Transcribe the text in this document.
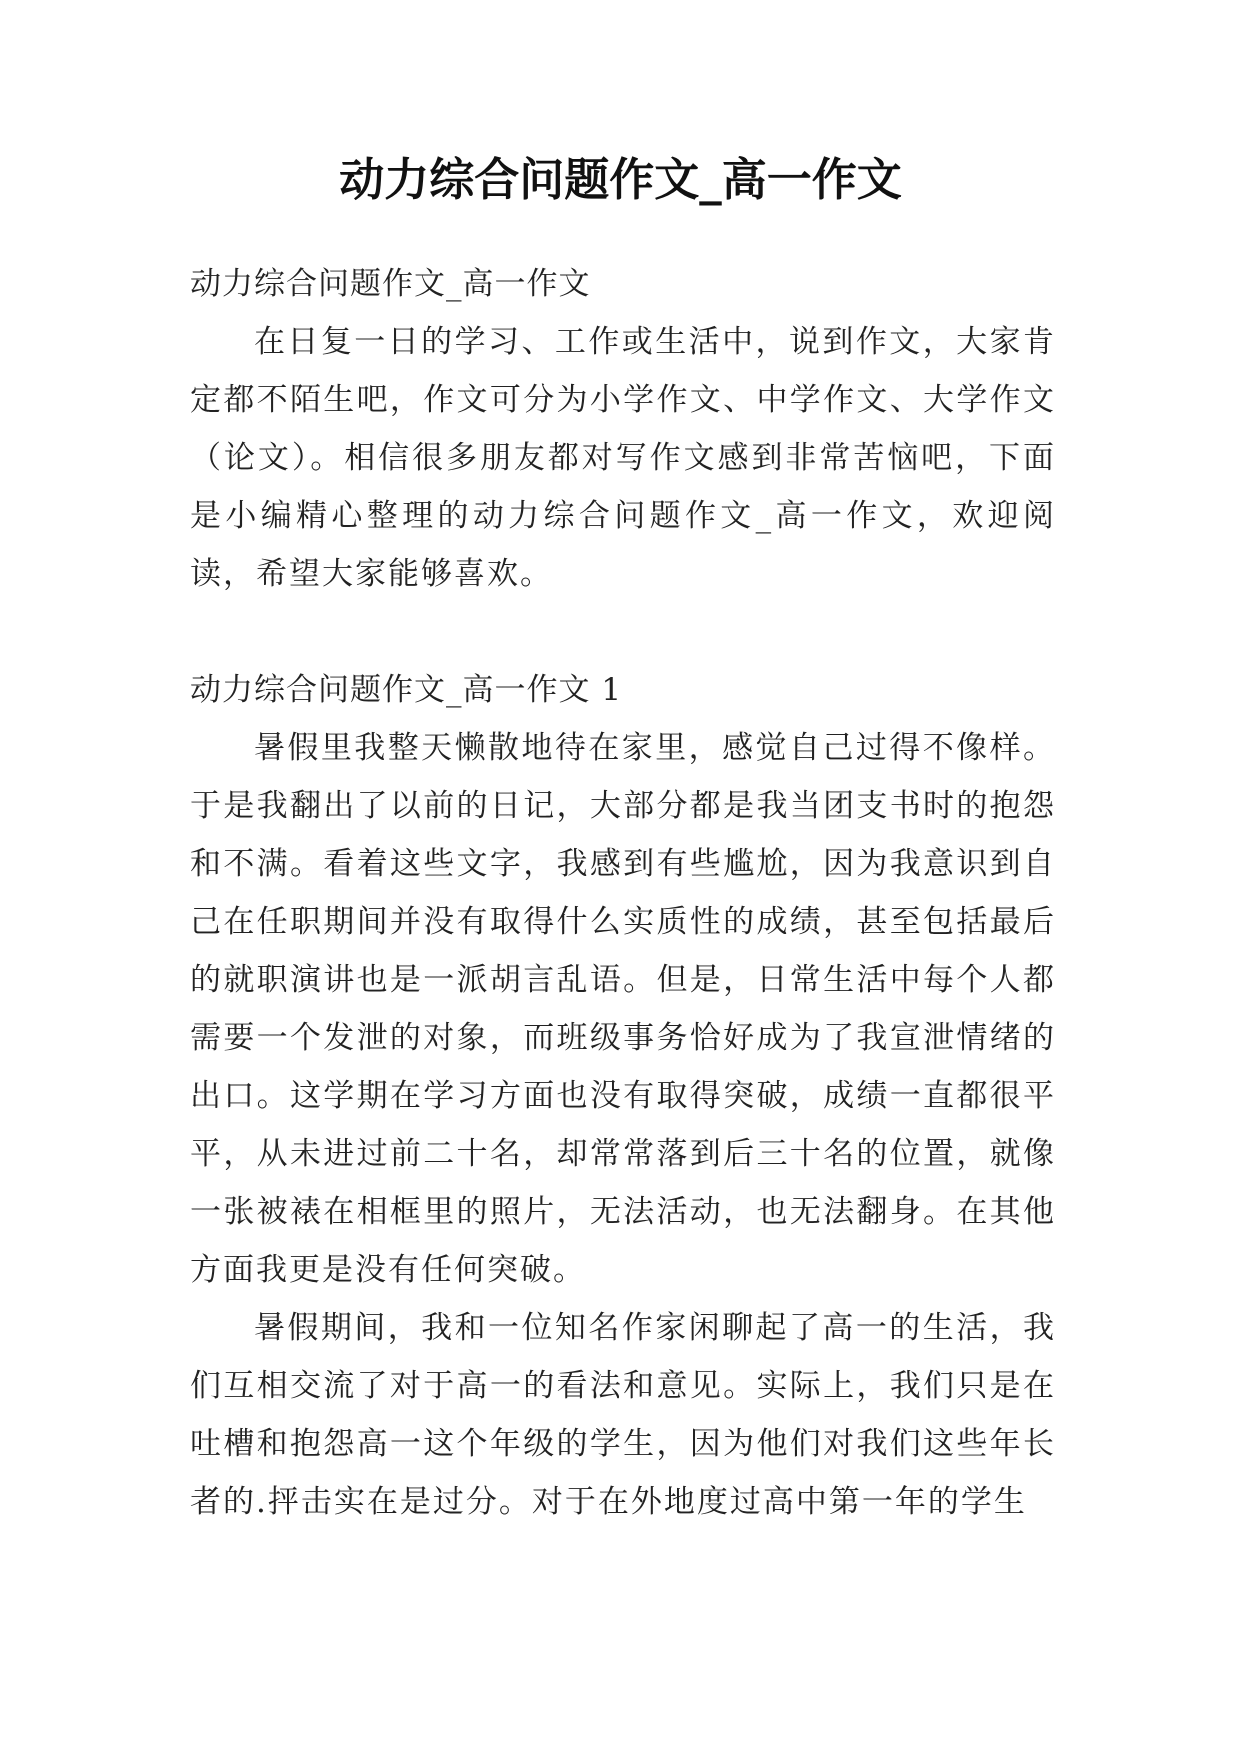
动力综合问题作文_高一作文

动力综合问题作文_高一作文

在日复一日的学习、工作或生活中，说到作文，大家肯定都不陌生吧，作文可分为小学作文、中学作文、大学作文（论文）。相信很多朋友都对写作文感到非常苦恼吧，下面是小编精心整理的动力综合问题作文_高一作文，欢迎阅读，希望大家能够喜欢。

动力综合问题作文_高一作文 1

暑假里我整天懒散地待在家里，感觉自己过得不像样。于是我翻出了以前的日记，大部分都是我当团支书时的抱怨和不满。看着这些文字，我感到有些尴尬，因为我意识到自己在任职期间并没有取得什么实质性的成绩，甚至包括最后的就职演讲也是一派胡言乱语。但是，日常生活中每个人都需要一个发泄的对象，而班级事务恰好成为了我宣泄情绪的出口。这学期在学习方面也没有取得突破，成绩一直都很平平，从未进过前二十名，却常常落到后三十名的位置，就像一张被裱在相框里的照片，无法活动，也无法翻身。在其他方面我更是没有任何突破。

暑假期间，我和一位知名作家闲聊起了高一的生活，我们互相交流了对于高一的看法和意见。实际上，我们只是在吐槽和抱怨高一这个年级的学生，因为他们对我们这些年长者的.抨击实在是过分。对于在外地度过高中第一年的学生
